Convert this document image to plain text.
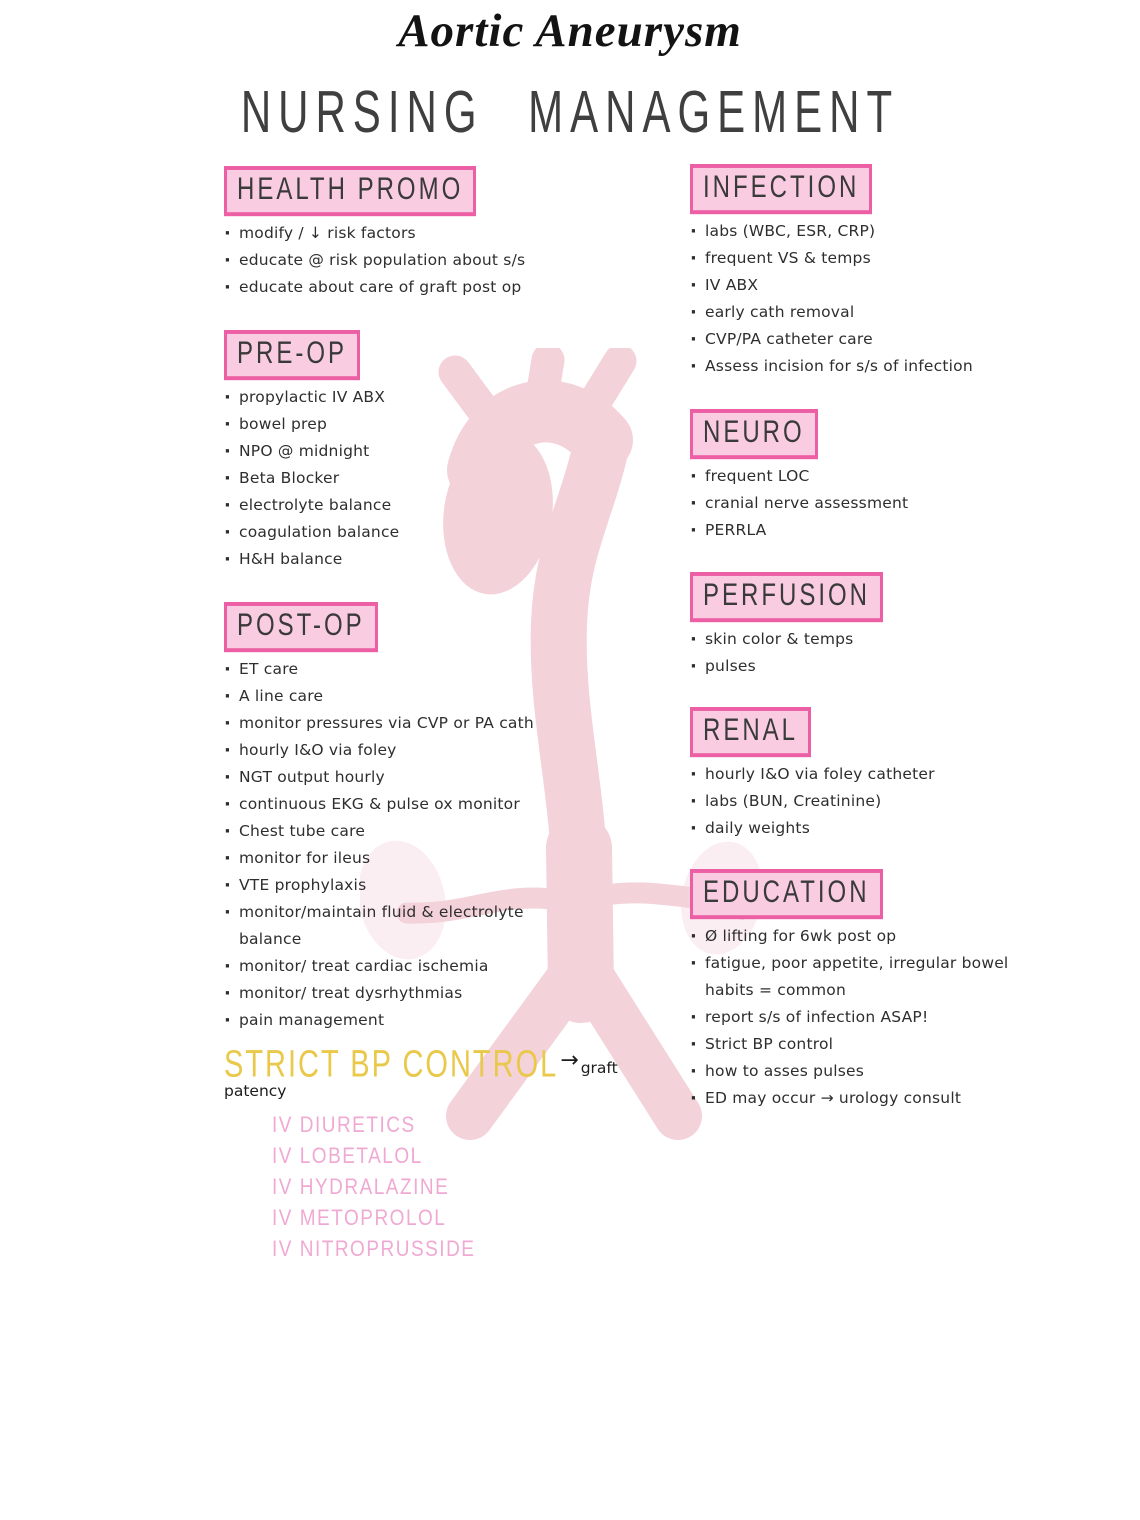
Aortic Aneurysm
NURSING MANAGEMENT
HEALTH PROMO
· modify / ↓ risk factors
· educate @ risk population about s/s
· educate about care of graft post op
PRE-OP
· propylactic IV ABX
· bowel prep
· NPO @ midnight
· Beta Blocker
· electrolyte balance
· coagulation balance
· H&H balance
POST-OP
· ET care
· A line care
· monitor pressures via CVP or PA cath
· hourly I&O via foley
· NGT output hourly
· continuous EKG & pulse ox monitor
· Chest tube care
· monitor for ileus
· VTE prophylaxis
· monitor/maintain fluid & electrolyte balance
· monitor/ treat cardiac ischemia
· monitor/ treat dysrhythmias
· pain management
STRICT BP CONTROL→ graft patency
IV DIURETICS
IV LOBETALOL
IV HYDRALAZINE
IV METOPROLOL
IV NITROPRUSSIDE
INFECTION
· labs (WBC, ESR, CRP)
· frequent VS & temps
· IV ABX
· early cath removal
· CVP/PA catheter care
· Assess incision for s/s of infection
NEURO
· frequent LOC
· cranial nerve assessment
· PERRLA
PERFUSION
· skin color & temps
· pulses
RENAL
· hourly I&O via foley catheter
· labs (BUN, Creatinine)
· daily weights
EDUCATION
· Ø lifting for 6wk post op
· fatigue, poor appetite, irregular bowel habits = common
· report s/s of infection ASAP!
· Strict BP control
· how to asses pulses
· ED may occur → urology consult
